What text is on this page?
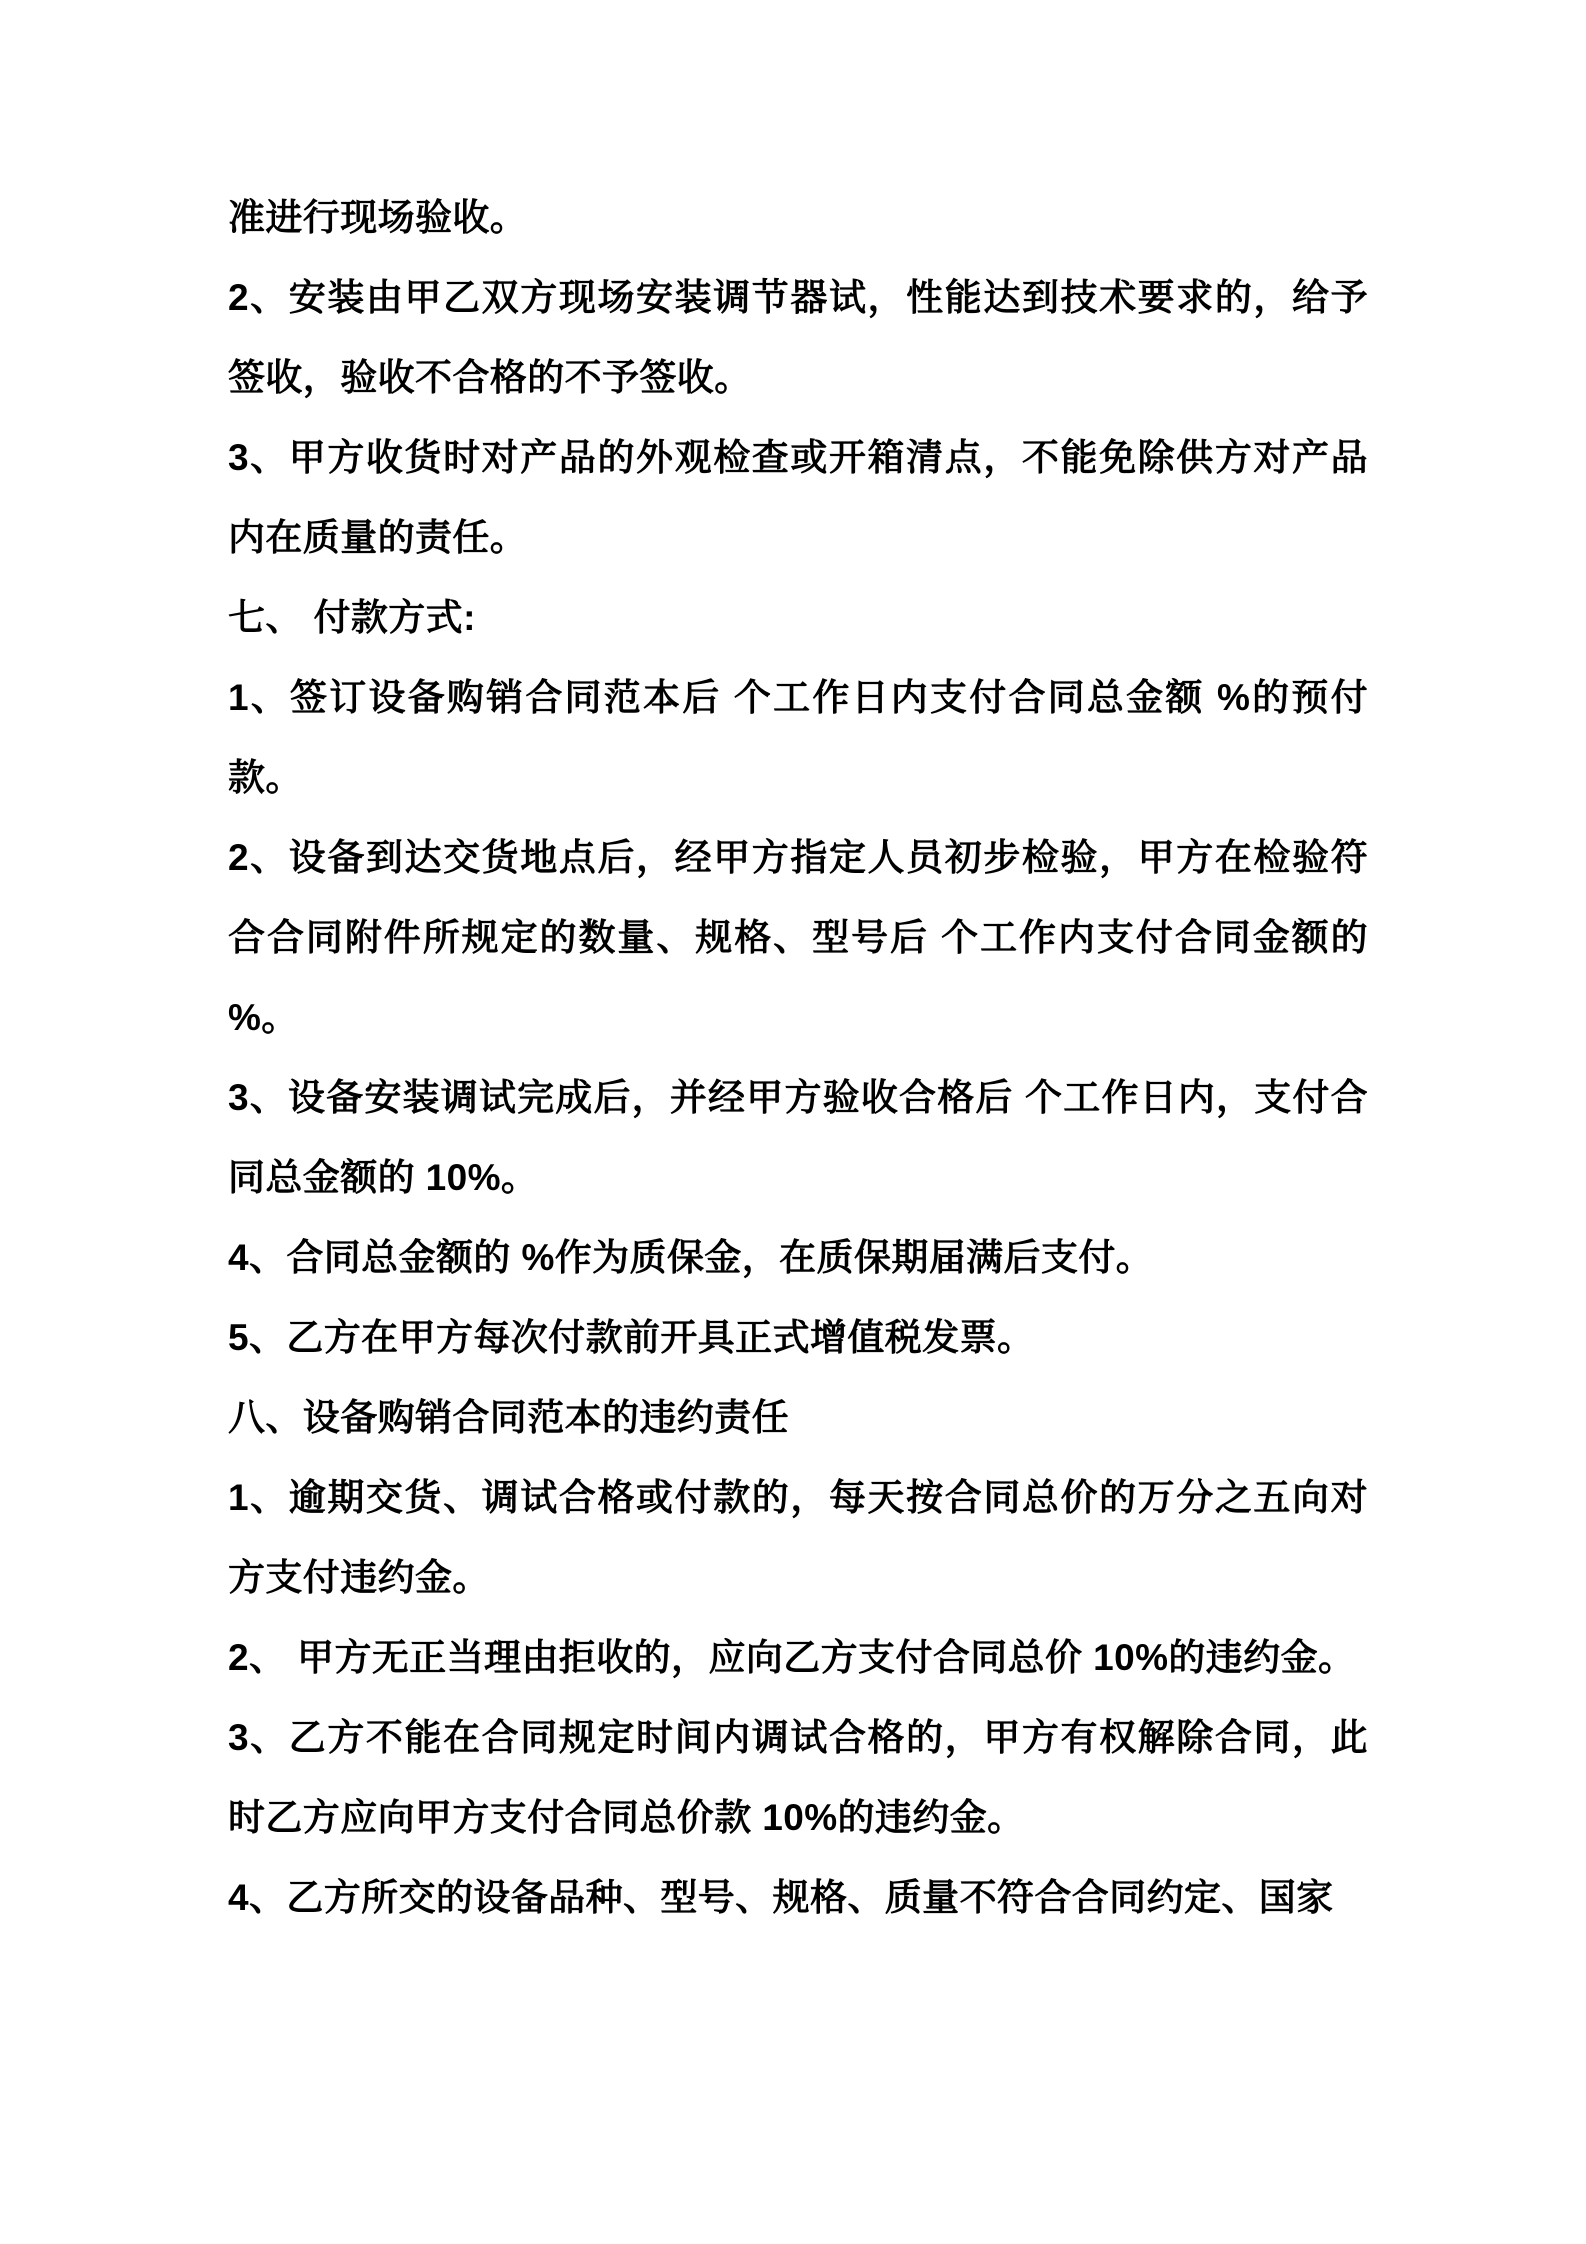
准进行现场验收。

2、安装由甲乙双方现场安装调节器试，性能达到技术要求的，给予签收，验收不合格的不予签收。

3、甲方收货时对产品的外观检查或开箱清点，不能免除供方对产品内在质量的责任。

七、 付款方式:

1、签订设备购销合同范本后 个工作日内支付合同总金额 %的预付款。

2、设备到达交货地点后，经甲方指定人员初步检验，甲方在检验符合合同附件所规定的数量、规格、型号后 个工作内支付合同金额的 %。

3、设备安装调试完成后，并经甲方验收合格后 个工作日内，支付合同总金额的 10%。

4、合同总金额的 %作为质保金，在质保期届满后支付。

5、乙方在甲方每次付款前开具正式增值税发票。

八、设备购销合同范本的违约责任

1、逾期交货、调试合格或付款的，每天按合同总价的万分之五向对方支付违约金。

2、 甲方无正当理由拒收的，应向乙方支付合同总价 10%的违约金。

3、乙方不能在合同规定时间内调试合格的，甲方有权解除合同，此时乙方应向甲方支付合同总价款 10%的违约金。

4、乙方所交的设备品种、型号、规格、质量不符合合同约定、国家
